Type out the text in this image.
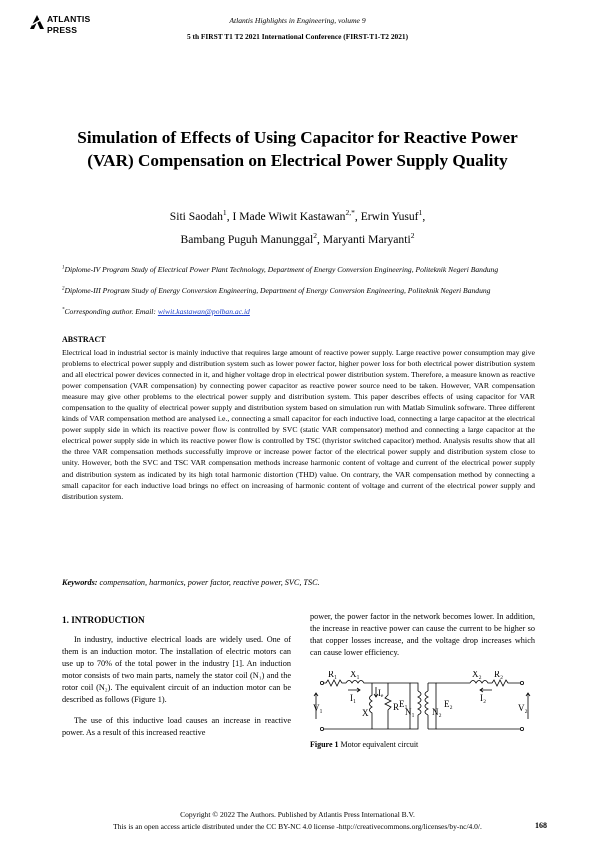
ATLANTIS
PRESS
Atlantis Highlights in Engineering, volume 9
5 th FIRST T1 T2 2021 International Conference (FIRST-T1-T2 2021)
Simulation of Effects of Using Capacitor for Reactive Power (VAR) Compensation on Electrical Power Supply Quality
Siti Saodah$^1$, I Made Wiwit Kastawan$^{2,*}$, Erwin Yusuf$^1$,
Bambang Puguh Manunggal$^2$, Maryanti Maryanti$^2$
$^1$Diplome-IV Program Study of Electrical Power Plant Technology, Department of Energy Conversion Engineering, Politeknik Negeri Bandung
$^2$Diplome-III Program Study of Energy Conversion Engineering, Department of Energy Conversion Engineering, Politeknik Negeri Bandung
*Corresponding author. Email: wiwit.kastawan@polban.ac.id
ABSTRACT
Electrical load in industrial sector is mainly inductive that requires large amount of reactive power supply. Large reactive power consumption may give problems to electrical power supply and distribution system such as lower power factor, higher power loss for both electrical power distribution system and all electrical power devices connected in it, and higher voltage drop in electrical power distribution system. Therefore, a measure known as reactive power compensation (VAR compensation) by connecting power capacitor as reactive power source need to be taken. However, VAR compensation measure may give other problems to the electrical power supply and distribution system. This paper describes effects of using capacitor for VAR compensation to the quality of electrical power supply and distribution system based on simulation run with Matlab Simulink software. Three different kinds of VAR compensation method are analysed i.e., connecting a small capacitor for each inductive load, connecting a large capacitor at the electrical power supply side in which its reactive power flow is controlled by SVC (static VAR compensator) method and connecting a large capacitor at the electrical power supply side in which its reactive power flow is controlled by TSC (thyristor switched capacitor) method. Analysis results show that all the three VAR compensation methods successfully improve or increase power factor of the electrical power supply and distribution system close to unity. However, both the SVC and TSC VAR compensation methods increase harmonic content of voltage and current of the electrical power supply and distribution system as indicated by its high total harmonic distortion (THD) value. On contrary, the VAR compensation method by connecting a small capacitor for each inductive load brings no effect on increasing of harmonic content of voltage and current of the electrical power supply and distribution system.
Keywords: compensation, harmonics, power factor, reactive power, SVC, TSC.
1. INTRODUCTION

In industry, inductive electrical loads are widely used. One of them is an induction motor. The installation of electric motors can use up to 70% of the total power in the industry [1]. An induction motor consists of two main parts, namely the stator coil (N₁) and the rotor coil (N₂). The equivalent circuit of an induction motor can be described as follows (Figure 1).

The use of this inductive load causes an increase in reactive power. As a result of this increased reactive

power, the power factor in the network becomes lower. In addition, the increase in reactive power can cause the current to be higher so that copper losses increase, and the voltage drop increases which can cause lower efficiency.
R₁ X₁
I₁ Iₑ
V₁	X
R E₁
N₁ N₂
E₂
X₂ R₂
I₂
V₂
Figure 1 Motor equivalent circuit
Copyright © 2022 The Authors. Published by Atlantis Press International B.V.
This is an open access article distributed under the CC BY-NC 4.0 license -http://creativecommons.org/licenses/by-nc/4.0/.	168
